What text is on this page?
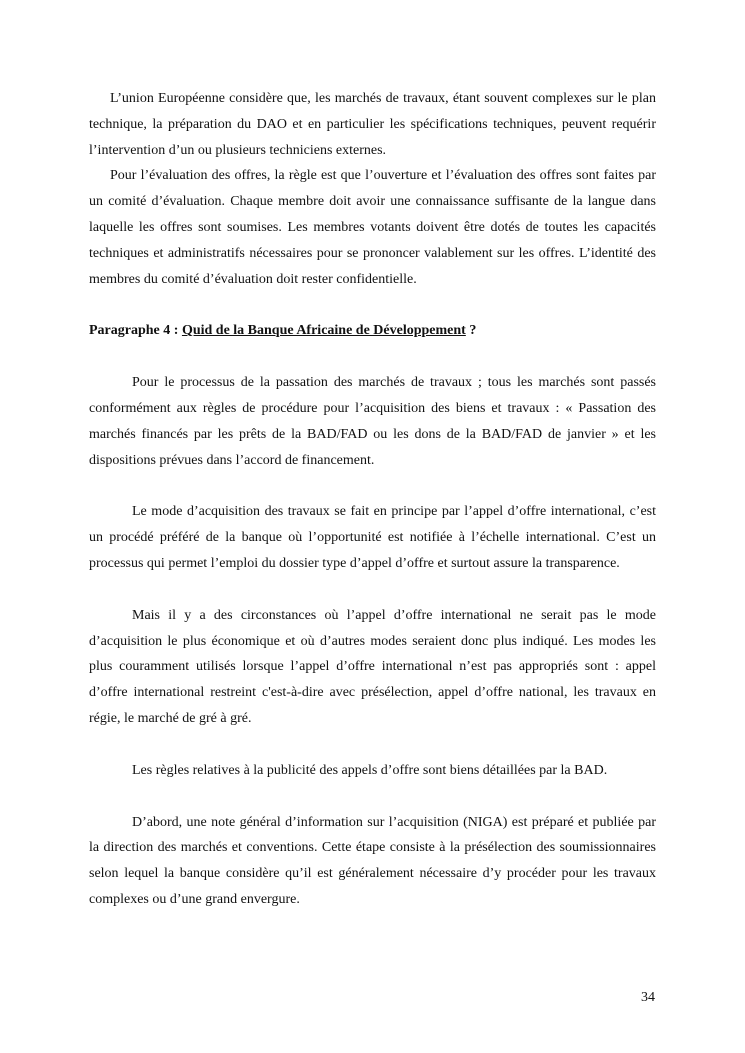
L’union Européenne considère que, les marchés de travaux, étant souvent complexes sur le plan technique, la préparation du DAO et en particulier les spécifications techniques, peuvent requérir l’intervention d’un ou plusieurs techniciens externes.

Pour l’évaluation des offres, la règle est que l’ouverture et l’évaluation des offres sont faites par un comité d’évaluation. Chaque membre doit avoir une connaissance suffisante de la langue dans laquelle les offres sont soumises. Les membres votants doivent être dotés de toutes les capacités techniques et administratifs nécessaires pour se prononcer valablement sur les offres. L’identité des membres du comité d’évaluation doit rester confidentielle.

Paragraphe 4 : Quid de la Banque Africaine de Développement ?

Pour le processus de la passation des marchés de travaux ; tous les marchés sont passés conformément aux règles de procédure pour l’acquisition des biens et travaux : « Passation des marchés financés par les prêts de la BAD/FAD ou les dons de la BAD/FAD de janvier » et les dispositions prévues dans l’accord de financement.

Le mode d’acquisition des travaux se fait en principe par l’appel d’offre international, c’est un procédé préféré de la banque où l’opportunité est notifiée à l’échelle international. C’est un processus qui permet l’emploi du dossier type d’appel d’offre et surtout assure la transparence.

Mais il y a des circonstances où l’appel d’offre international ne serait pas le mode d’acquisition le plus économique et où d’autres modes seraient donc plus indiqué. Les modes les plus couramment utilisés lorsque l’appel d’offre international n’est pas appropriés sont : appel d’offre international restreint c'est-à-dire avec présélection, appel d’offre national, les travaux en régie, le marché de gré à gré.

Les règles relatives à la publicité des appels d’offre sont biens détaillées par la BAD.

D’abord, une note général d’information sur l’acquisition (NIGA) est préparé et publiée par la direction des marchés et conventions. Cette étape consiste à la présélection des soumissionnaires selon lequel la banque considère qu’il est généralement nécessaire d’y procéder pour les travaux complexes ou d’une grand envergure.

34
